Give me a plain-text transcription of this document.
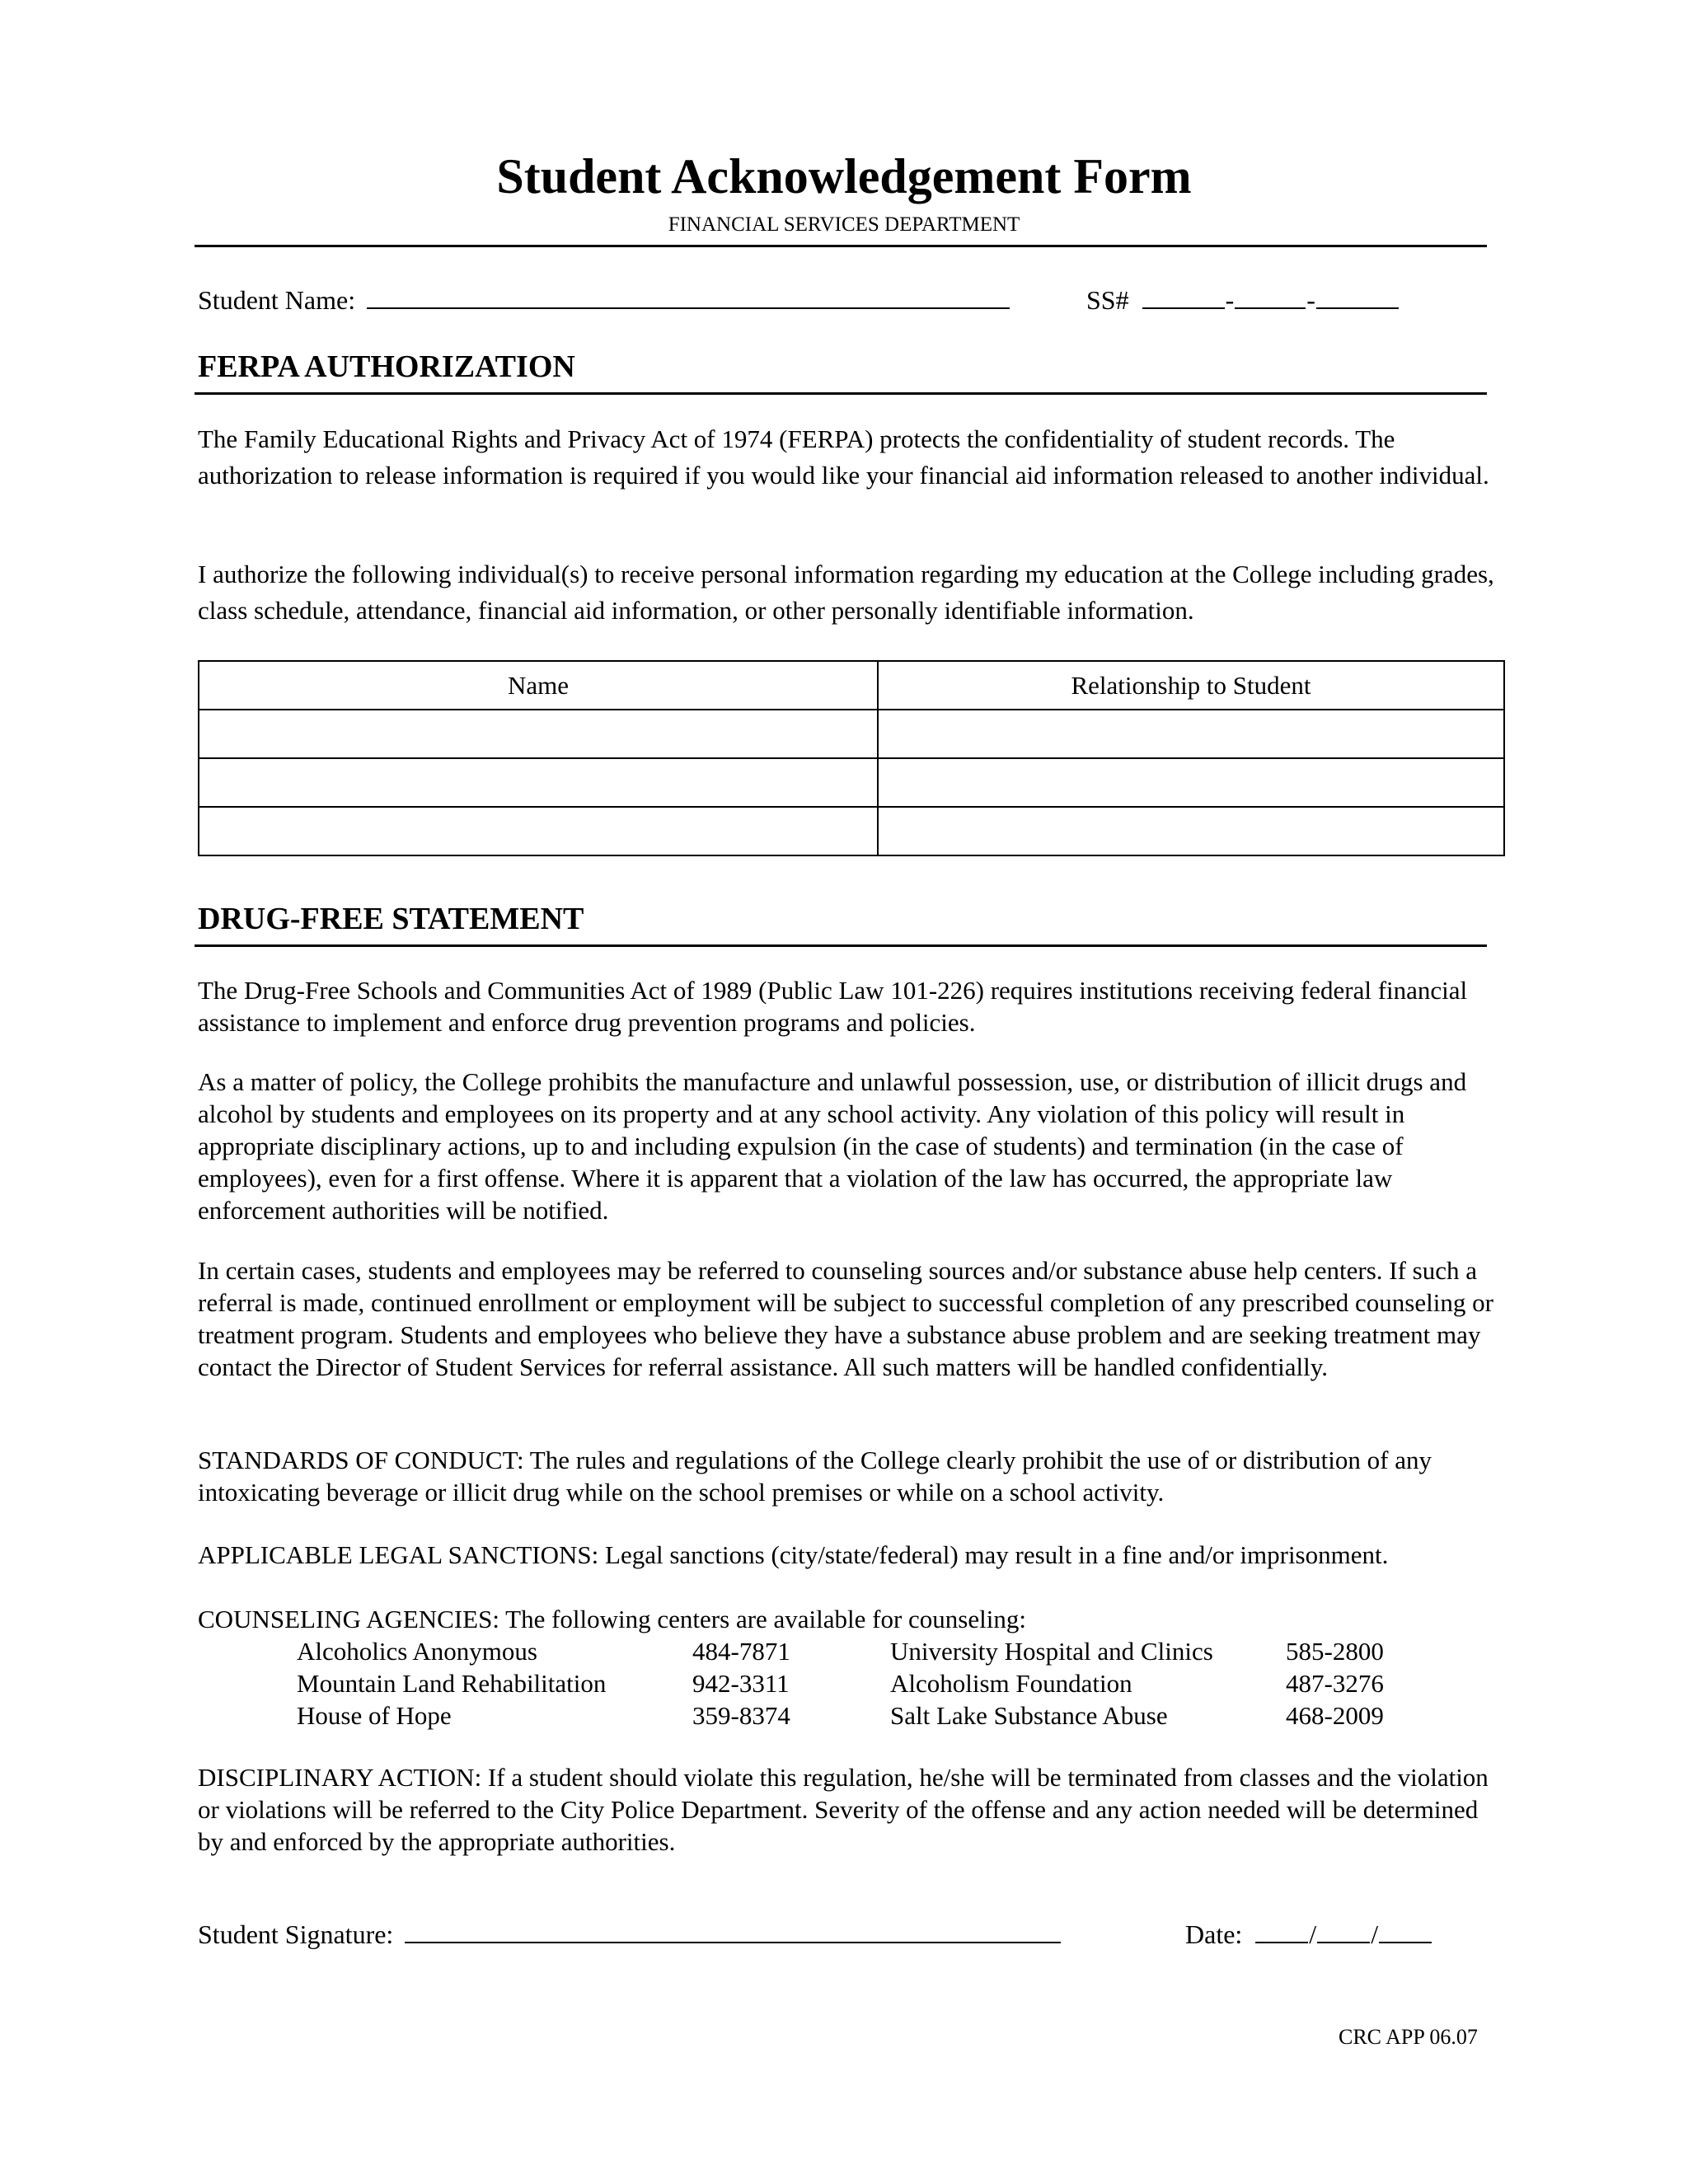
Student Acknowledgement Form
FINANCIAL SERVICES DEPARTMENT
Student Name:	SS#	-	-
FERPA AUTHORIZATION
The Family Educational Rights and Privacy Act of 1974 (FERPA) protects the confidentiality of student records. The authorization to release information is required if you would like your financial aid information released to another individual.
I authorize the following individual(s) to receive personal information regarding my education at the College including grades, class schedule, attendance, financial aid information, or other personally identifiable information.
Name	Relationship to Student

DRUG-FREE STATEMENT
The Drug-Free Schools and Communities Act of 1989 (Public Law 101-226) requires institutions receiving federal financial assistance to implement and enforce drug prevention programs and policies.
As a matter of policy, the College prohibits the manufacture and unlawful possession, use, or distribution of illicit drugs and alcohol by students and employees on its property and at any school activity. Any violation of this policy will result in appropriate disciplinary actions, up to and including expulsion (in the case of students) and termination (in the case of employees), even for a first offense. Where it is apparent that a violation of the law has occurred, the appropriate law enforcement authorities will be notified.
In certain cases, students and employees may be referred to counseling sources and/or substance abuse help centers. If such a referral is made, continued enrollment or employment will be subject to successful completion of any prescribed counseling or treatment program. Students and employees who believe they have a substance abuse problem and are seeking treatment may contact the Director of Student Services for referral assistance. All such matters will be handled confidentially.
STANDARDS OF CONDUCT: The rules and regulations of the College clearly prohibit the use of or distribution of any intoxicating beverage or illicit drug while on the school premises or while on a school activity.
APPLICABLE LEGAL SANCTIONS: Legal sanctions (city/state/federal) may result in a fine and/or imprisonment.
COUNSELING AGENCIES: The following centers are available for counseling:
Alcoholics Anonymous	484-7871	University Hospital and Clinics	585-2800
Mountain Land Rehabilitation	942-3311	Alcoholism Foundation	487-3276
House of Hope	359-8374	Salt Lake Substance Abuse	468-2009
DISCIPLINARY ACTION: If a student should violate this regulation, he/she will be terminated from classes and the violation or violations will be referred to the City Police Department. Severity of the offense and any action needed will be determined by and enforced by the appropriate authorities.
Student Signature:	Date:	/ /
CRC APP 06.07
